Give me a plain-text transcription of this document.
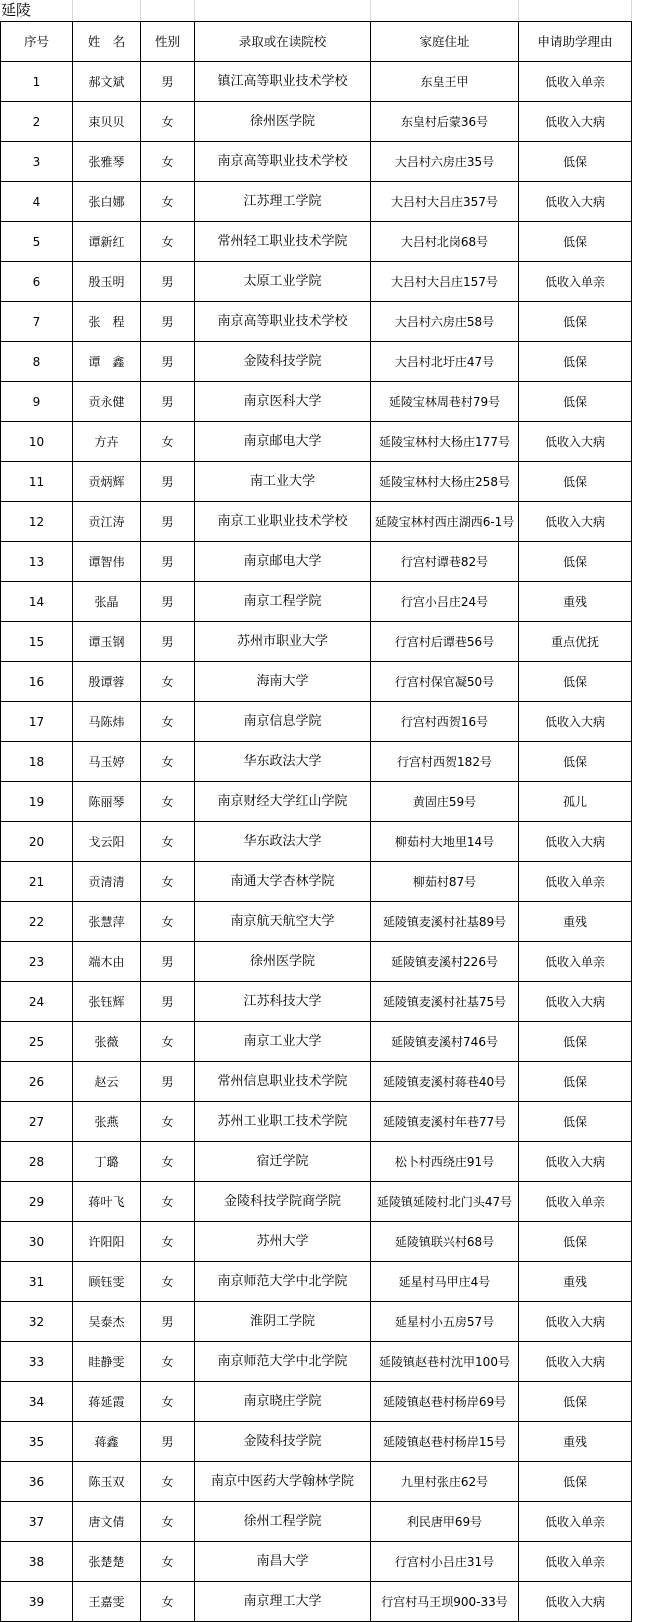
延陵
序号	姓　名	性别	录取或在读院校	家庭住址	申请助学理由
1	郝文斌	男	镇江高等职业技术学校	东皇王甲	低收入单亲
2	束贝贝	女	徐州医学院	东皇村后蒙36号	低收入大病
3	张雅琴	女	南京高等职业技术学校	大吕村六房庄35号	低保
4	张白娜	女	江苏理工学院	大吕村大吕庄357号	低收入大病
5	谭新红	女	常州轻工职业技术学院	大吕村北岗68号	低保
6	殷玉明	男	太原工业学院	大吕村大吕庄157号	低收入单亲
7	张　程	男	南京高等职业技术学校	大吕村六房庄58号	低保
8	谭　鑫	男	金陵科技学院	大吕村北圩庄47号	低保
9	贡永健	男	南京医科大学	延陵宝林周巷村79号	低保
10	方卉	女	南京邮电大学	延陵宝林村大杨庄177号	低收入大病
11	贡炳辉	男	南工业大学	延陵宝林村大杨庄258号	低保
12	贡江涛	男	南京工业职业技术学校	延陵宝林村西庄湖西6-1号	低收入大病
13	谭智伟	男	南京邮电大学	行宫村谭巷82号	低保
14	张晶	男	南京工程学院	行宫小吕庄24号	重残
15	谭玉钢	男	苏州市职业大学	行宫村后谭巷56号	重点优抚
16	殷谭蓉	女	海南大学	行宫村保官凝50号	低保
17	马陈炜	女	南京信息学院	行宫村西贺16号	低收入大病
18	马玉婷	女	华东政法大学	行宫村西贺182号	低保
19	陈丽琴	女	南京财经大学红山学院	黄固庄59号	孤儿
20	戈云阳	女	华东政法大学	柳茹村大地里14号	低收入大病
21	贡清清	女	南通大学杏林学院	柳茹村87号	低收入单亲
22	张慧萍	女	南京航天航空大学	延陵镇麦溪村社基89号	重残
23	端木由	男	徐州医学院	延陵镇麦溪村226号	低收入单亲
24	张钰辉	男	江苏科技大学	延陵镇麦溪村社基75号	低收入大病
25	张薇	女	南京工业大学	延陵镇麦溪村746号	低保
26	赵云	男	常州信息职业技术学院	延陵镇麦溪村蒋巷40号	低保
27	张燕	女	苏州工业职工技术学院	延陵镇麦溪村年巷77号	低保
28	丁璐	女	宿迁学院	松卜村西绕庄91号	低收入大病
29	蒋叶飞	女	金陵科技学院商学院	延陵镇延陵村北门头47号	低收入单亲
30	许阳阳	女	苏州大学	延陵镇联兴村68号	低保
31	顾钰雯	女	南京师范大学中北学院	延星村马甲庄4号	重残
32	吴泰杰	男	淮阴工学院	延星村小五房57号	低收入大病
33	眭静雯	女	南京师范大学中北学院	延陵镇赵巷村沈甲100号	低收入大病
34	蒋延霞	女	南京晓庄学院	延陵镇赵巷村杨岸69号	低保
35	蒋鑫	男	金陵科技学院	延陵镇赵巷村杨岸15号	重残
36	陈玉双	女	南京中医药大学翰林学院	九里村张庄62号	低保
37	唐文倩	女	徐州工程学院	利民唐甲69号	低收入单亲
38	张楚楚	女	南昌大学	行宫村小吕庄31号	低收入单亲
39	王嘉雯	女	南京理工大学	行宫村马王坝900-33号	低收入大病
